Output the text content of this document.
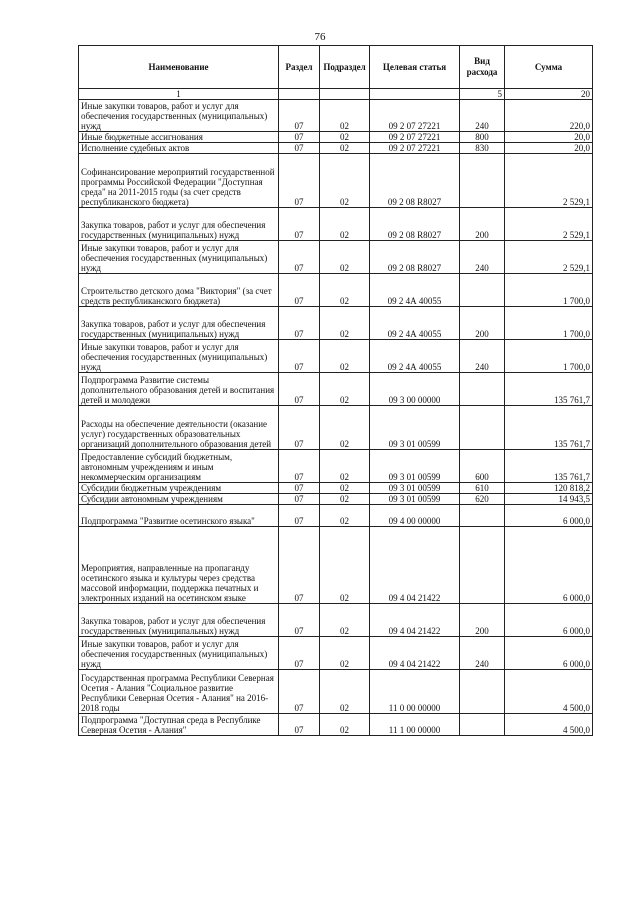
76
Наименование	Раздел	Подраздел	Целевая статья	Вид расхода	Сумма
1				5	20
Иные закупки товаров, работ и услуг для обеспечения государственных (муниципальных) нужд	07	02	09 2 07 27221	240	220,0
Иные бюджетные ассигнования	07	02	09 2 07 27221	800	20,0
Исполнение судебных актов	07	02	09 2 07 27221	830	20,0
Софинансирование мероприятий государственной программы Российской Федерации "Доступная среда" на 2011-2015 годы (за счет средств республиканского бюджета)	07	02	09 2 08 R8027		2 529,1
Закупка товаров, работ и услуг для обеспечения государственных (муниципальных) нужд	07	02	09 2 08 R8027	200	2 529,1
Иные закупки товаров, работ и услуг для обеспечения государственных (муниципальных) нужд	07	02	09 2 08 R8027	240	2 529,1
Строительство детского дома "Виктория" (за счет средств республиканского бюджета)	07	02	09 2 4А 40055		1 700,0
Закупка товаров, работ и услуг для обеспечения государственных (муниципальных) нужд	07	02	09 2 4А 40055	200	1 700,0
Иные закупки товаров, работ и услуг для обеспечения государственных (муниципальных) нужд	07	02	09 2 4А 40055	240	1 700,0
Подпрограмма Развитие системы дополнительного образования детей и воспитания детей и молодежи	07	02	09 3 00 00000		135 761,7
Расходы на обеспечение деятельности (оказание услуг) государственных образовательных организаций дополнительного образования детей	07	02	09 3 01 00599		135 761,7
Предоставление субсидий бюджетным, автономным учреждениям и иным некоммерческим организациям	07	02	09 3 01 00599	600	135 761,7
Субсидии бюджетным учреждениям	07	02	09 3 01 00599	610	120 818,2
Субсидии автономным учреждениям	07	02	09 3 01 00599	620	14 943,5
Подпрограмма "Развитие осетинского языка"	07	02	09 4 00 00000		6 000,0
Мероприятия, направленные на пропаганду осетинского языка и культуры через средства массовой информации, поддержка печатных и электронных изданий на осетинском языке	07	02	09 4 04 21422		6 000,0
Закупка товаров, работ и услуг для обеспечения государственных (муниципальных) нужд	07	02	09 4 04 21422	200	6 000,0
Иные закупки товаров, работ и услуг для обеспечения государственных (муниципальных) нужд	07	02	09 4 04 21422	240	6 000,0
Государственная программа Республики Северная Осетия - Алания "Социальное развитие Республики Северная Осетия - Алания" на 2016-2018 годы	07	02	11 0 00 00000		4 500,0
Подпрограмма "Доступная среда в Республике Северная Осетия - Алания"	07	02	11 1 00 00000		4 500,0
